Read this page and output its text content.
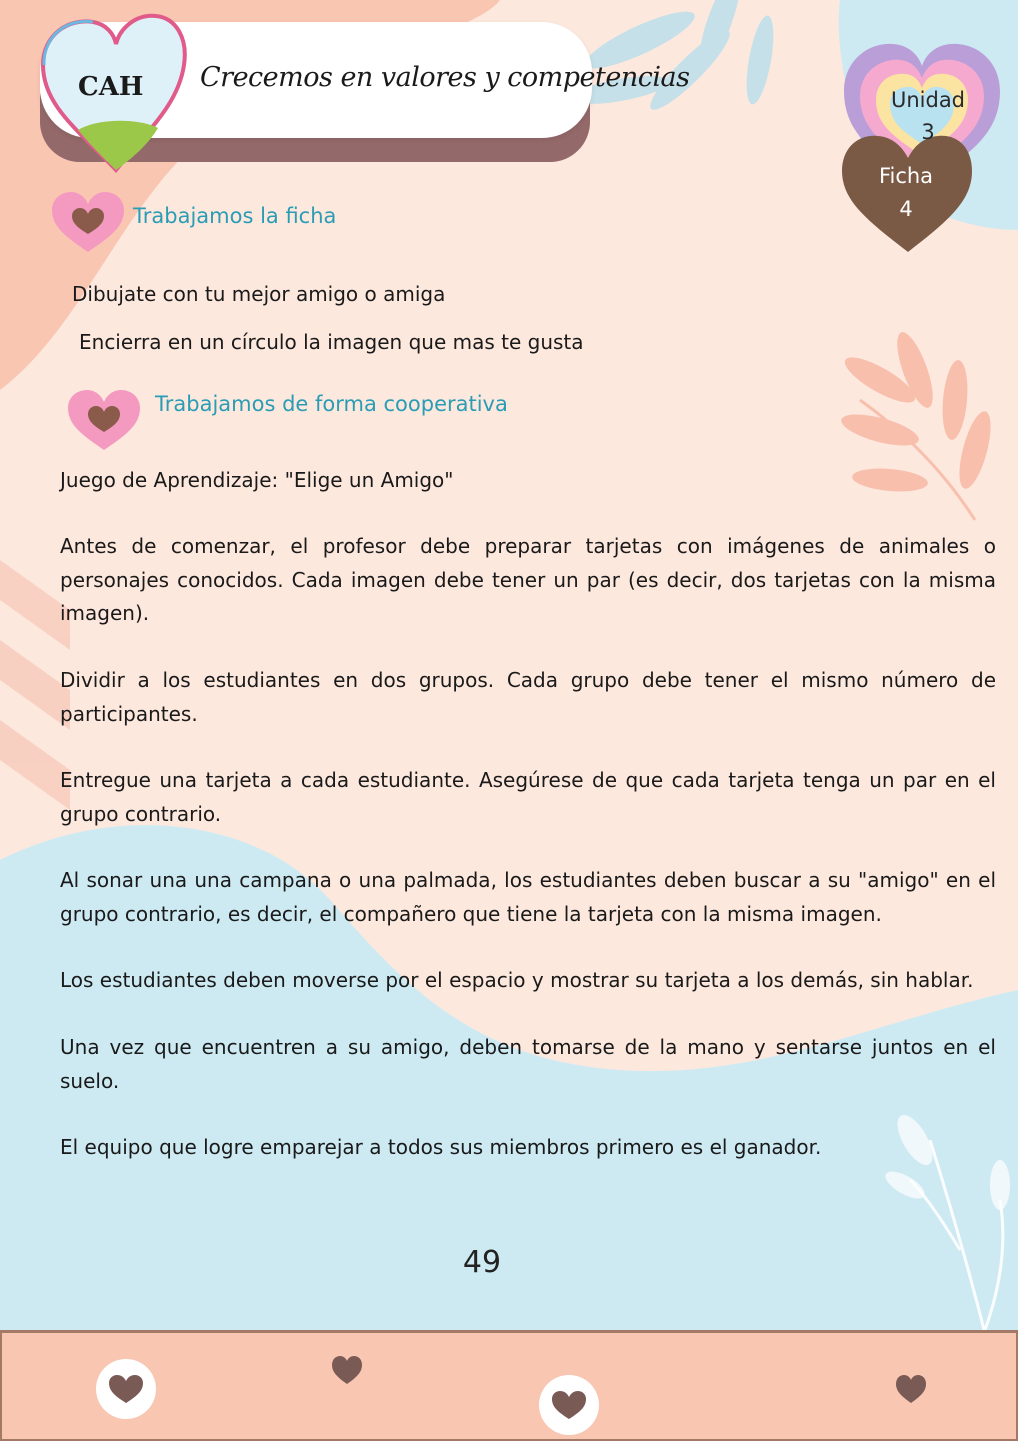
CAH Crecemos en valores y competencias
Unidad
3
Ficha
4
Trabajamos la ficha
Dibujate con tu mejor amigo o amiga
Encierra en un círculo la imagen que mas te gusta
Trabajamos de forma cooperativa
Juego de Aprendizaje: "Elige un Amigo"

Antes de comenzar, el profesor debe preparar tarjetas con imágenes de animales o personajes conocidos. Cada imagen debe tener un par (es decir, dos tarjetas con la misma imagen).

Dividir a los estudiantes en dos grupos. Cada grupo debe tener el mismo número de participantes.

Entregue una tarjeta a cada estudiante. Asegúrese de que cada tarjeta tenga un par en el grupo contrario.

Al sonar una una campana o una palmada, los estudiantes deben buscar a su "amigo" en el grupo contrario, es decir, el compañero que tiene la tarjeta con la misma imagen.

Los estudiantes deben moverse por el espacio y mostrar su tarjeta a los demás, sin hablar.

Una vez que encuentren a su amigo, deben tomarse de la mano y sentarse juntos en el suelo.

El equipo que logre emparejar a todos sus miembros primero es el ganador.

49
